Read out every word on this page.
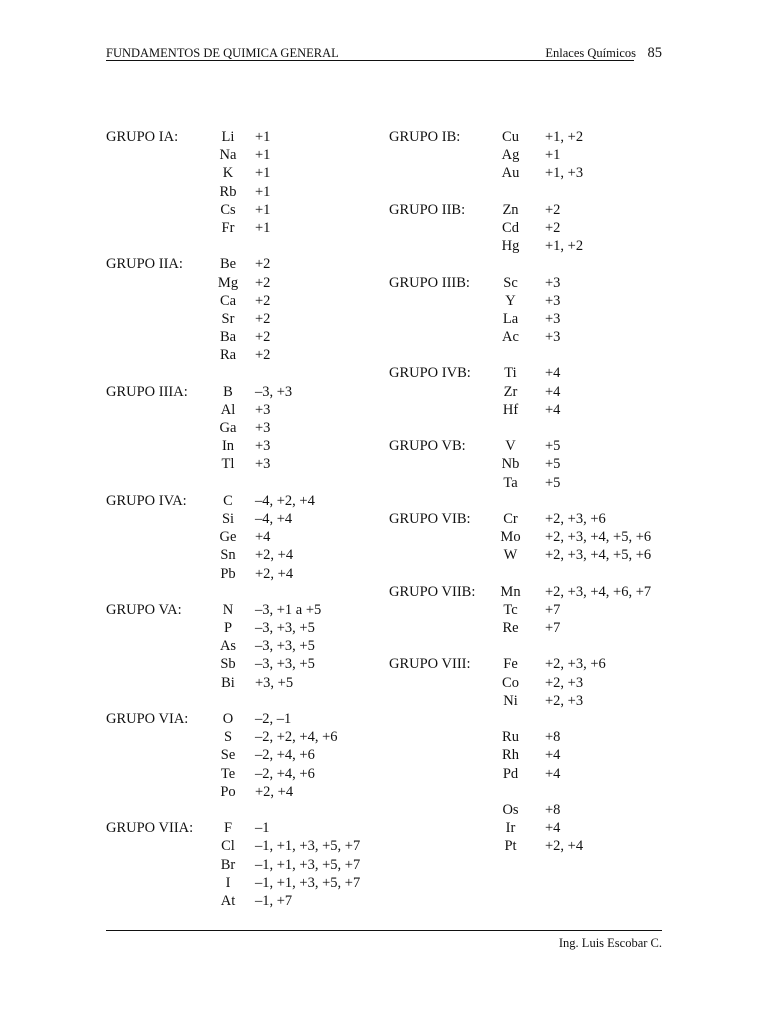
FUNDAMENTOS DE QUIMICA GENERAL	Enlaces Químicos 85
GRUPO IA:	Li	+1
Na	+1
K	+1
Rb	+1
Cs	+1
Fr	+1
GRUPO IIA:	Be	+2
Mg	+2
Ca	+2
Sr	+2
Ba	+2
Ra	+2
GRUPO IIIA:	B	–3, +3
Al	+3
Ga	+3
In	+3
Tl	+3
GRUPO IVA:	C	–4, +2, +4
Si	–4, +4
Ge	+4
Sn	+2, +4
Pb	+2, +4
GRUPO VA:	N	–3, +1 a +5
P	–3, +3, +5
As	–3, +3, +5
Sb	–3, +3, +5
Bi	+3, +5
GRUPO VIA:	O	–2, –1
S	–2, +2, +4, +6
Se	–2, +4, +6
Te	–2, +4, +6
Po	+2, +4
GRUPO VIIA:	F	–1
Cl	–1, +1, +3, +5, +7
Br	–1, +1, +3, +5, +7
I	–1, +1, +3, +5, +7
At	–1, +7
GRUPO IB:	Cu	+1, +2
Ag	+1
Au	+1, +3
GRUPO IIB:	Zn	+2
Cd	+2
Hg	+1, +2
GRUPO IIIB:	Sc	+3
Y	+3
La	+3
Ac	+3
GRUPO IVB:	Ti	+4
Zr	+4
Hf	+4
GRUPO VB:	V	+5
Nb	+5
Ta	+5
GRUPO VIB:	Cr	+2, +3, +6
Mo	+2, +3, +4, +5, +6
W	+2, +3, +4, +5, +6
GRUPO VIIB:	Mn	+2, +3, +4, +6, +7
Tc	+7
Re	+7
GRUPO VIII:	Fe	+2, +3, +6
Co	+2, +3
Ni	+2, +3
Ru	+8
Rh	+4
Pd	+4
Os	+8
Ir	+4
Pt	+2, +4
Ing. Luis Escobar C.
